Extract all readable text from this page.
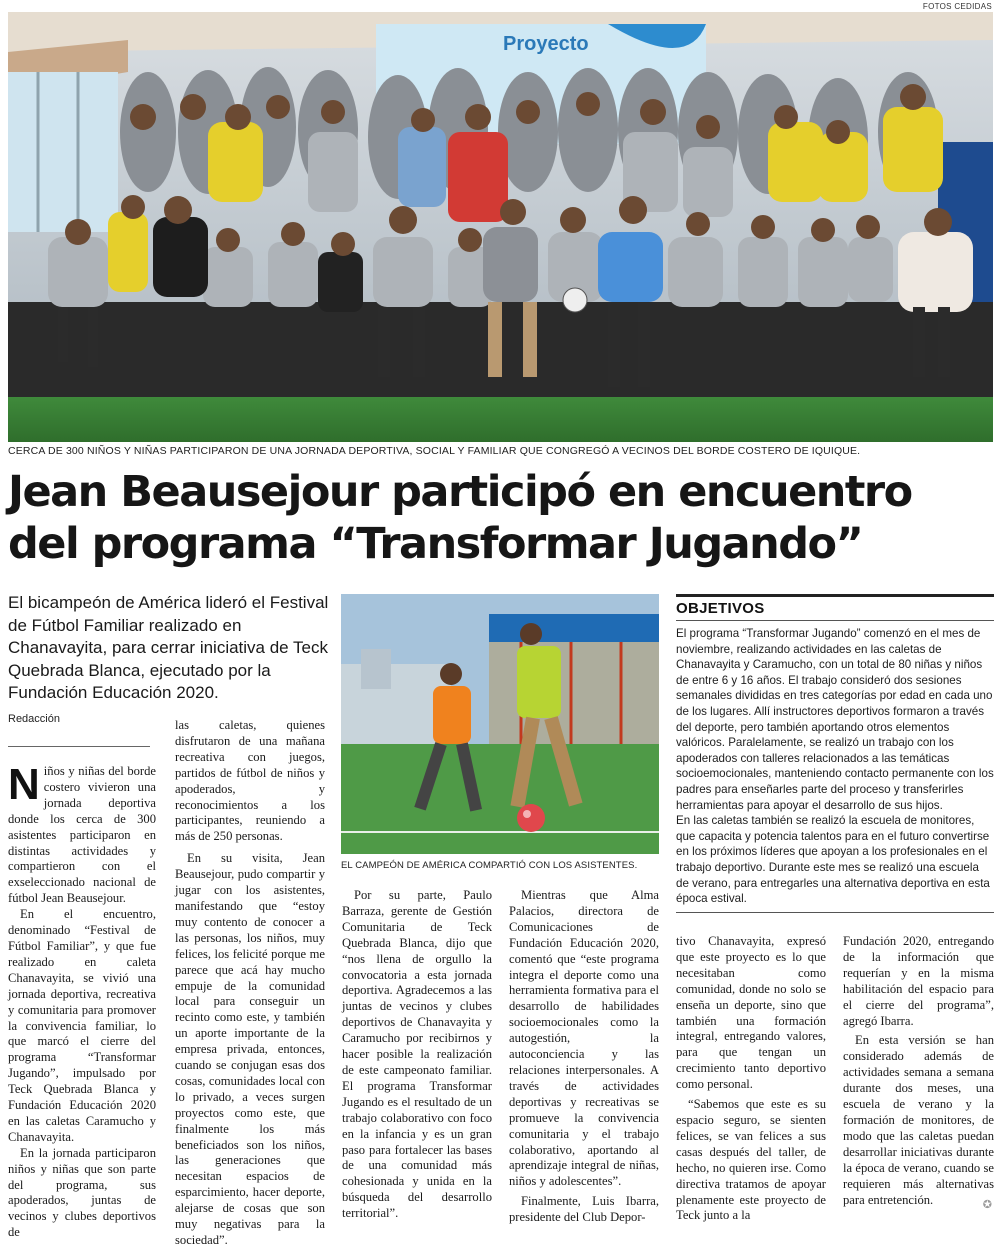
FOTOS CEDIDAS
Proyecto
CERCA DE 300 NIÑOS Y NIÑAS PARTICIPARON DE UNA JORNADA DEPORTIVA, SOCIAL Y FAMILIAR QUE CONGREGÓ A VECINOS DEL BORDE COSTERO DE IQUIQUE.
Jean Beausejour participó en encuentro
del programa “Transformar Jugando”
El bicampeón de América lideró el Festival de Fútbol Familiar realizado en Chanavayita, para cerrar iniciativa de Teck Quebrada Blanca, ejecutado por la Fundación Educación 2020.
Redacción

Niños y niñas del borde costero vivieron una jornada deportiva donde los cerca de 300 asistentes participaron en distintas actividades y compartieron con el exseleccionado nacional de fútbol Jean Beausejour.

En el encuentro, denominado “Festival de Fútbol Familiar”, y que fue realizado en caleta Chanavayita, se vivió una jornada deportiva, recreativa y comunitaria para promover la convivencia familiar, lo que marcó el cierre del programa “Transformar Jugando”, impulsado por Teck Quebrada Blanca y Fundación Educación 2020 en las caletas Caramucho y Chanavayita.

En la jornada participaron niños y niñas que son parte del programa, sus apoderados, juntas de vecinos y clubes deportivos de

las caletas, quienes disfrutaron de una mañana recreativa con juegos, partidos de fútbol de niños y apoderados, y reconocimientos a los participantes, reuniendo a más de 250 personas.

En su visita, Jean Beausejour, pudo compartir y jugar con los asistentes, manifestando que “estoy muy contento de conocer a las personas, los niños, muy felices, los felicité porque me parece que acá hay mucho empuje de la comunidad local para conseguir un recinto como este, y también un aporte importante de la empresa privada, entonces, cuando se conjugan esas dos cosas, comunidades local con lo privado, a veces surgen proyectos como este, que finalmente los más beneficiados son los niños, las generaciones que necesitan espacios de esparcimiento, hacer deporte, alejarse de cosas que son muy negativas para la sociedad”.

Por su parte, Paulo Barraza, gerente de Gestión Comunitaria de Teck Quebrada Blanca, dijo que “nos llena de orgullo la convocatoria a esta jornada deportiva. Agradecemos a las juntas de vecinos y clubes deportivos de Chanavayita y Caramucho por recibirnos y hacer posible la realización de este campeonato familiar. El programa Transformar Jugando es el resultado de un trabajo colaborativo con foco en la infancia y es un gran paso para fortalecer las bases de una comunidad más cohesionada y unida en la búsqueda del desarrollo territorial”.

Mientras que Alma Palacios, directora de Comunicaciones de Fundación Educación 2020, comentó que “este programa integra el deporte como una herramienta formativa para el desarrollo de habilidades socioemocionales como la autogestión, la autoconciencia y las relaciones interpersonales. A través de actividades deportivas y recreativas se promueve la convivencia comunitaria y el trabajo colaborativo, aportando al aprendizaje integral de niñas, niños y adolescentes”.

Finalmente, Luis Ibarra, presidente del Club Depor-

tivo Chanavayita, expresó que este proyecto es lo que necesitaban como comunidad, donde no solo se enseña un deporte, sino que también una formación integral, entregando valores, para que tengan un crecimiento tanto deportivo como personal.

“Sabemos que este es su espacio seguro, se sienten felices, se van felices a sus casas después del taller, de hecho, no quieren irse. Como directiva tratamos de apoyar plenamente este proyecto de Teck junto a la

Fundación 2020, entregando de la información que requerían y en la misma habilitación del espacio para el cierre del programa”, agregó Ibarra.

En esta versión se han considerado además de actividades semana a semana durante dos meses, una escuela de verano y la formación de monitores, de modo que las caletas puedan desarrollar iniciativas durante la época de verano, cuando se requieren más alternativas para entretención.

EL CAMPEÓN DE AMÉRICA COMPARTIÓ CON LOS ASISTENTES.
OBJETIVOS

El programa “Transformar Jugando” comenzó en el mes de noviembre, realizando actividades en las caletas de Chanavayita y Caramucho, con un total de 80 niñas y niños de entre 6 y 16 años. El trabajo consideró dos sesiones semanales divididas en tres categorías por edad en cada uno de los lugares. Allí instructores deportivos formaron a través del deporte, pero también aportando otros elementos valóricos. Paralelamente, se realizó un trabajo con los apoderados con talleres relacionados a las temáticas socioemocionales, manteniendo contacto permanente con los padres para enseñarles parte del proceso y transferirles herramientas para apoyar el desarrollo de sus hijos.

En las caletas también se realizó la escuela de monitores, que capacita y potencia talentos para en el futuro convertirse en los próximos líderes que apoyan a los profesionales en el trabajo deportivo. Durante este mes se realizó una escuela de verano, para entregarles una alternativa deportiva en esta época estival.

✪
